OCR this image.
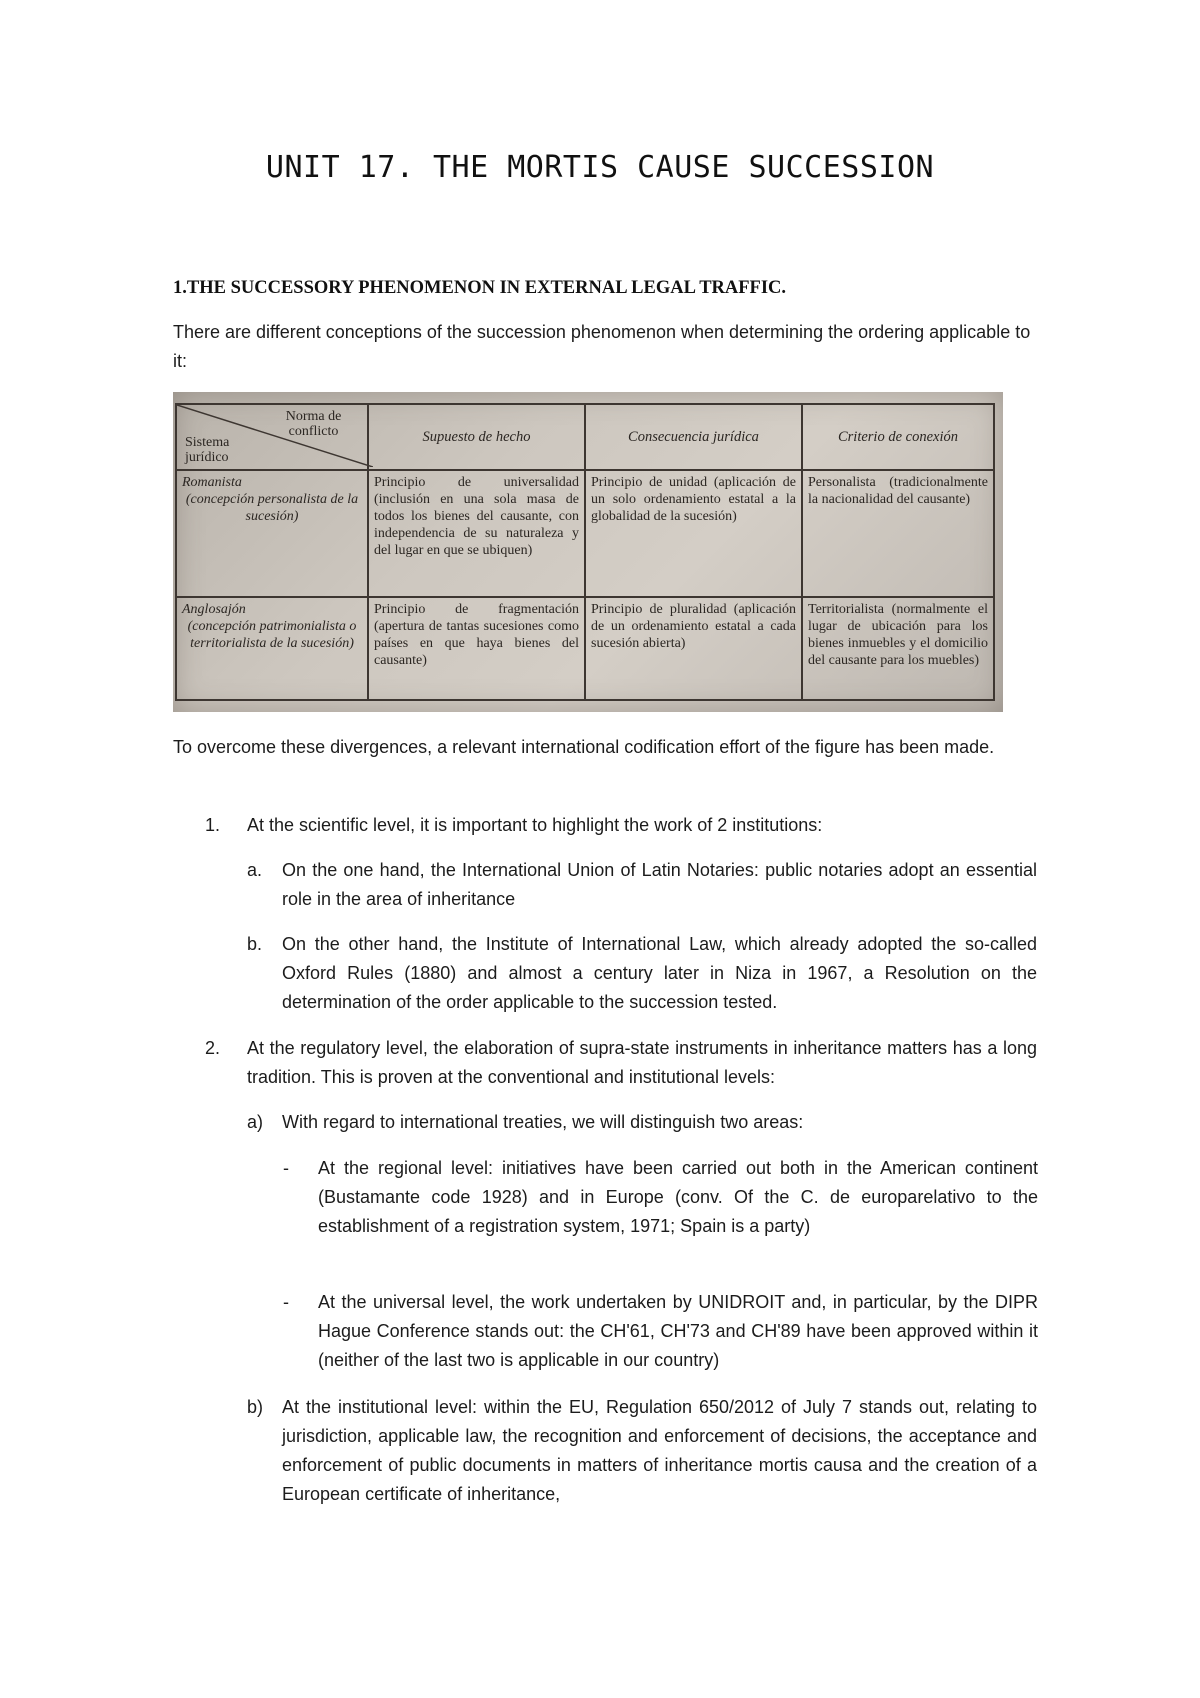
UNIT 17. THE MORTIS CAUSE SUCCESSION
1.THE SUCCESSORY PHENOMENON IN EXTERNAL LEGAL TRAFFIC.
There are different conceptions of the succession phenomenon when determining the ordering applicable to it:
Norma de conflicto
Sistema jurídico	Supuesto de hecho	Consecuencia jurídica	Criterio de conexión

Romanista
(concepción personalista de la sucesión)	Principio de universalidad (inclusión en una sola masa de todos los bienes del causante, con independencia de su naturaleza y del lugar en que se ubiquen)	Principio de unidad (aplicación de un solo ordenamiento estatal a la globalidad de la sucesión)	Personalista (tradicionalmente la nacionalidad del causante)

Anglosajón
(concepción patrimonialista o territorialista de la sucesión)	Principio de fragmentación (apertura de tantas sucesiones como países en que haya bienes del causante)	Principio de pluralidad (aplicación de un ordenamiento estatal a cada sucesión abierta)	Territorialista (normalmente el lugar de ubicación para los bienes inmuebles y el domicilio del causante para los muebles)
To overcome these divergences, a relevant international codification effort of the figure has been made.
1. At the scientific level, it is important to highlight the work of 2 institutions:
a. On the one hand, the International Union of Latin Notaries: public notaries adopt an essential role in the area of inheritance
b. On the other hand, the Institute of International Law, which already adopted the so-called Oxford Rules (1880) and almost a century later in Niza in 1967, a Resolution on the determination of the order applicable to the succession tested.
2. At the regulatory level, the elaboration of supra-state instruments in inheritance matters has a long tradition. This is proven at the conventional and institutional levels:
a) With regard to international treaties, we will distinguish two areas:
- At the regional level: initiatives have been carried out both in the American continent (Bustamante code 1928) and in Europe (conv. Of the C. de europarelativo to the establishment of a registration system, 1971; Spain is a party)
- At the universal level, the work undertaken by UNIDROIT and, in particular, by the DIPR Hague Conference stands out: the CH'61, CH'73 and CH'89 have been approved within it (neither of the last two is applicable in our country)
b) At the institutional level: within the EU, Regulation 650/2012 of July 7 stands out, relating to jurisdiction, applicable law, the recognition and enforcement of decisions, the acceptance and enforcement of public documents in matters of inheritance mortis causa and the creation of a European certificate of inheritance,
